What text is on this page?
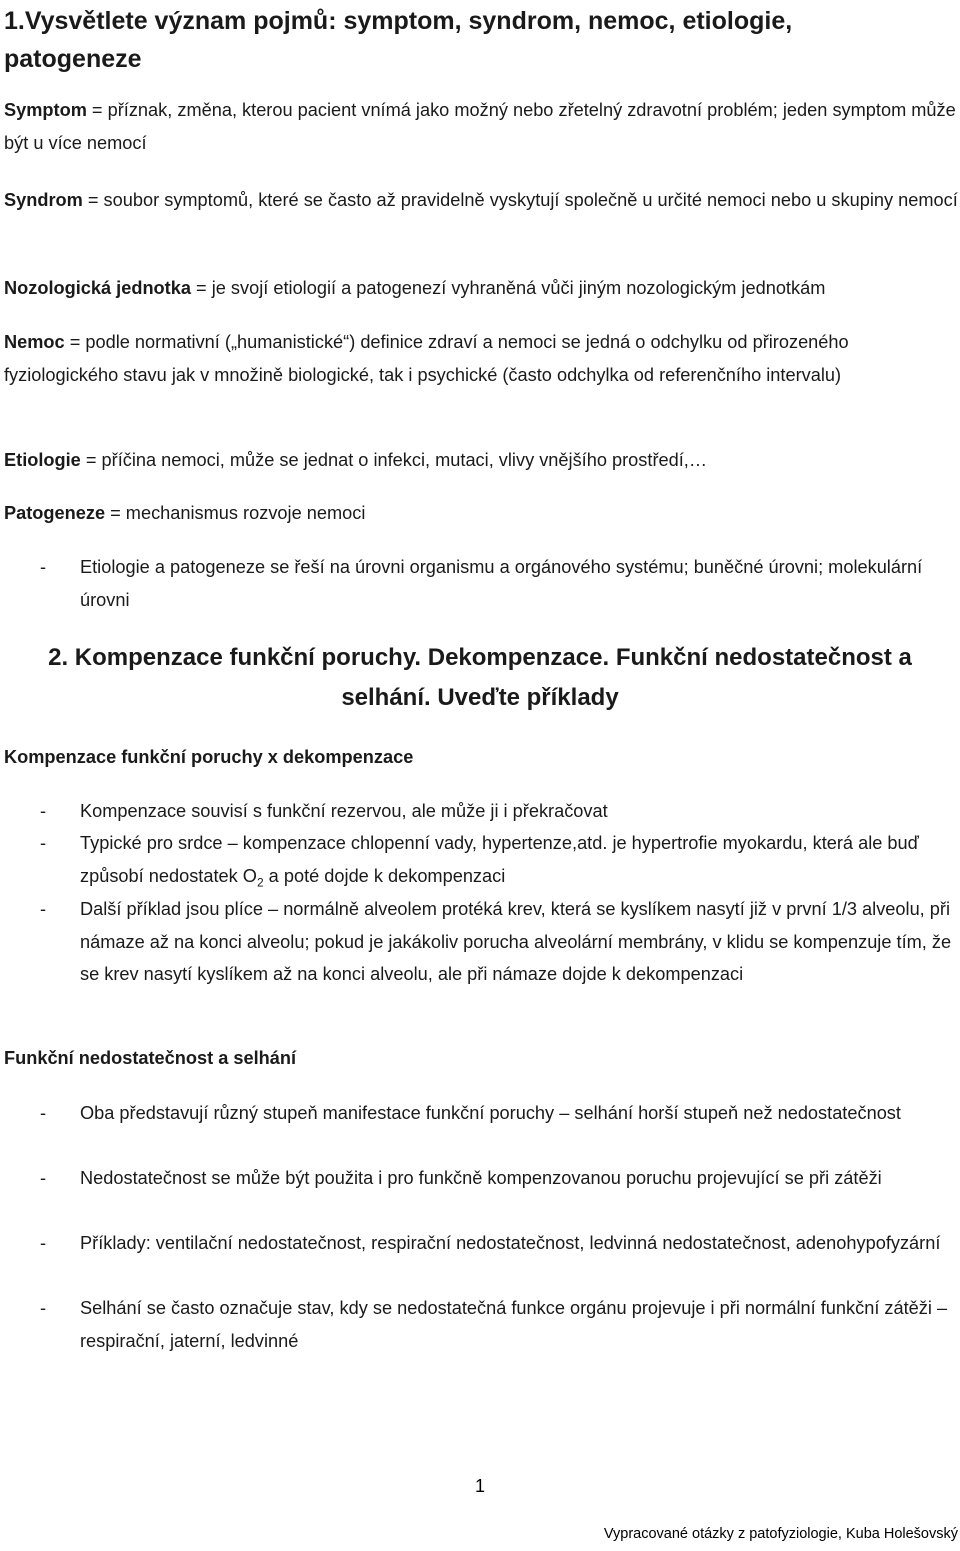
1.Vysvětlete význam pojmů: symptom, syndrom, nemoc, etiologie, patogeneze
Symptom = příznak, změna, kterou pacient vnímá jako možný nebo zřetelný zdravotní problém; jeden symptom může být u více nemocí
Syndrom = soubor symptomů, které se často až pravidelně vyskytují společně u určité nemoci nebo u skupiny nemocí
Nozologická jednotka = je svojí etiologií a patogenezí vyhraněná vůči jiným nozologickým jednotkám
Nemoc = podle normativní („humanistické“) definice zdraví a nemoci se jedná o odchylku od přirozeného fyziologického stavu jak v množině biologické, tak i psychické (často odchylka od referenčního intervalu)
Etiologie = příčina nemoci, může se jednat o infekci, mutaci, vlivy vnějšího prostředí,…
Patogeneze = mechanismus rozvoje nemoci
- Etiologie a patogeneze se řeší na úrovni organismu a orgánového systému; buněčné úrovni; molekulární úrovni
2. Kompenzace funkční poruchy. Dekompenzace. Funkční nedostatečnost a
selhání. Uveďte příklady
Kompenzace funkční poruchy x dekompenzace
- Kompenzace souvisí s funkční rezervou, ale může ji i překračovat
- Typické pro srdce – kompenzace chlopenní vady, hypertenze,atd. je hypertrofie myokardu, která ale buď způsobí nedostatek $O_2$ a poté dojde k dekompenzaci
- Další příklad jsou plíce – normálně alveolem protéká krev, která se kyslíkem nasytí již v první 1/3 alveolu, při námaze až na konci alveolu; pokud je jakákoliv porucha alveolární membrány, v klidu se kompenzuje tím, že se krev nasytí kyslíkem až na konci alveolu, ale při námaze dojde k dekompenzaci
Funkční nedostatečnost a selhání
- Oba představují různý stupeň manifestace funkční poruchy – selhání horší stupeň než nedostatečnost
- Nedostatečnost se může být použita i pro funkčně kompenzovanou poruchu projevující se při zátěži
- Příklady: ventilační nedostatečnost, respirační nedostatečnost, ledvinná nedostatečnost, adenohypofyzární
- Selhání se často označuje stav, kdy se nedostatečná funkce orgánu projevuje i při normální funkční zátěži – respirační, jaterní, ledvinné
1
Vypracované otázky z patofyziologie, Kuba Holešovský
